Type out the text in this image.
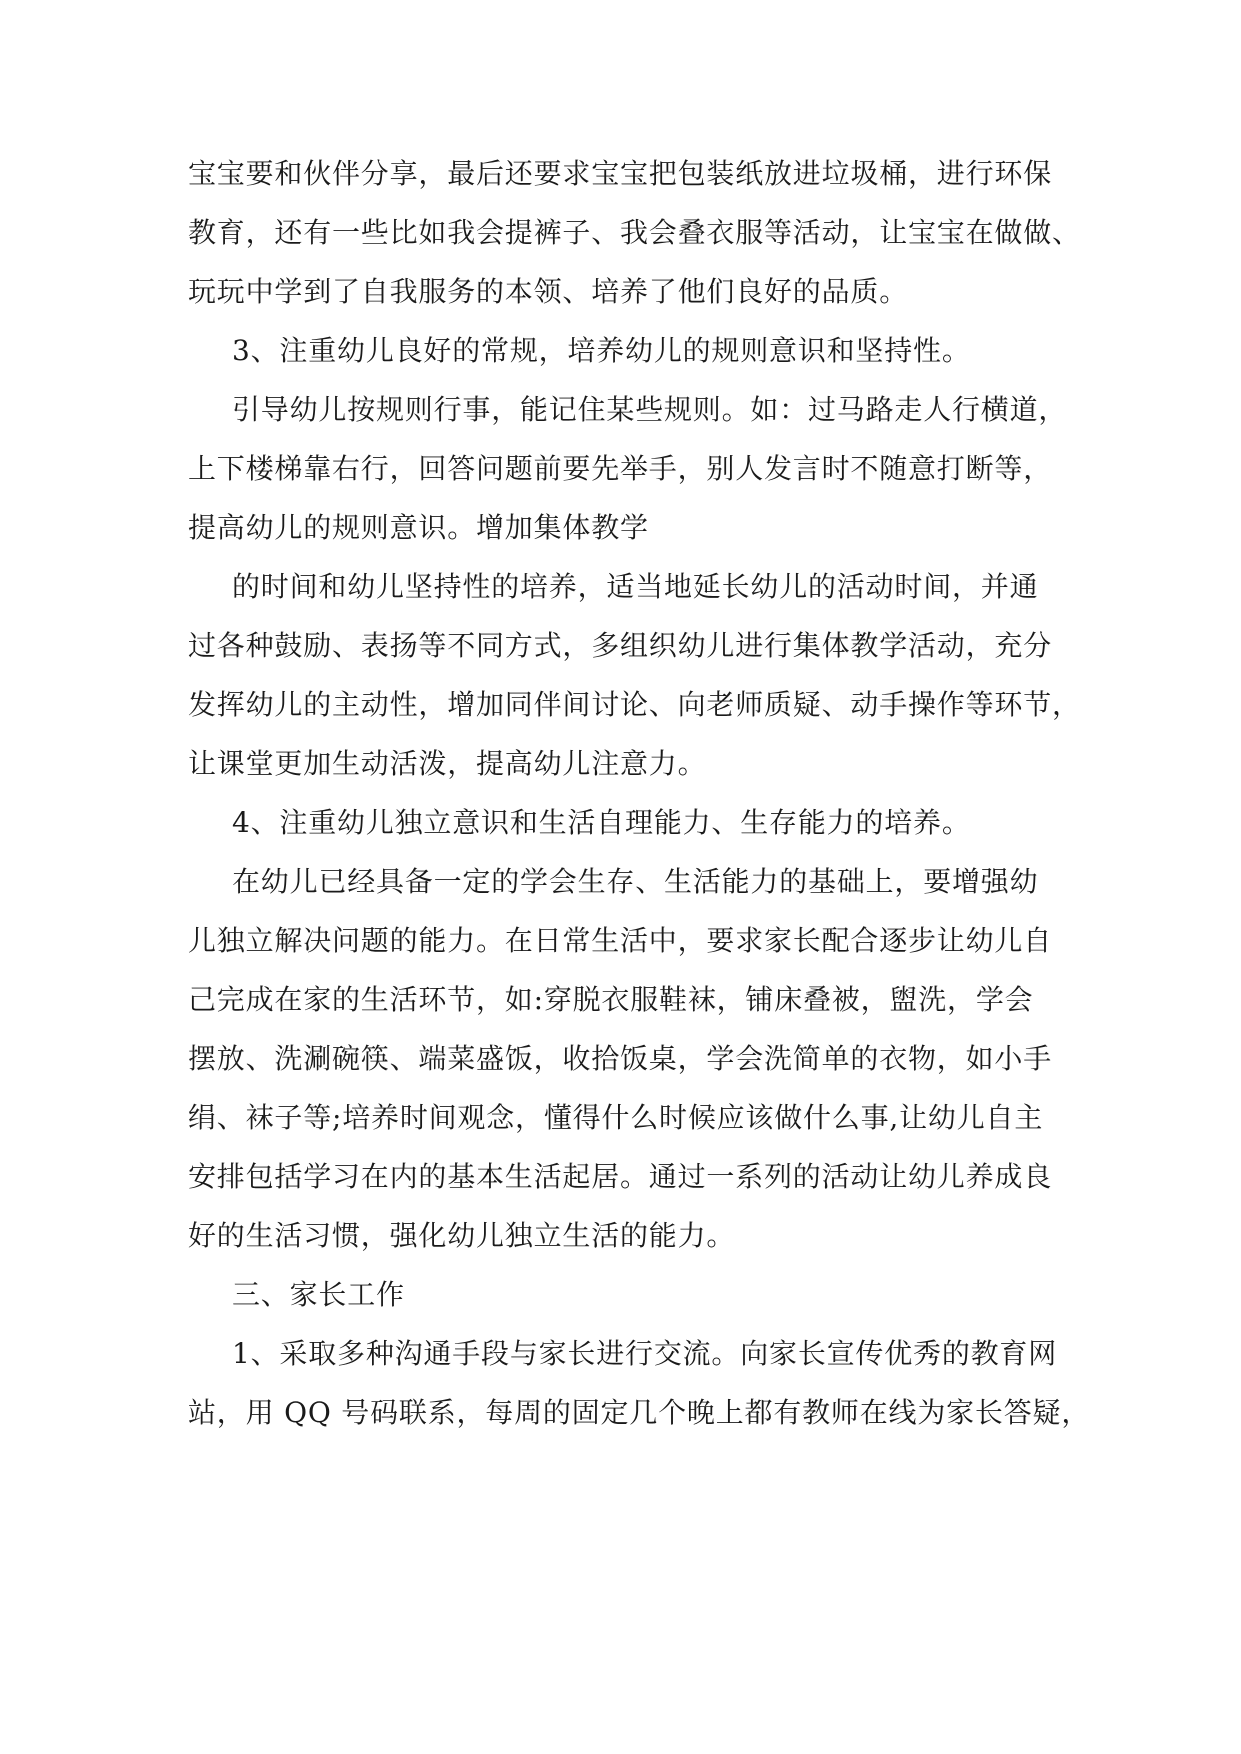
宝宝要和伙伴分享，最后还要求宝宝把包装纸放进垃圾桶，进行环保
教育，还有一些比如我会提裤子、我会叠衣服等活动，让宝宝在做做、
玩玩中学到了自我服务的本领、培养了他们良好的品质。
3、注重幼儿良好的常规，培养幼儿的规则意识和坚持性。
引导幼儿按规则行事，能记住某些规则。如：过马路走人行横道，
上下楼梯靠右行，回答问题前要先举手，别人发言时不随意打断等，
提高幼儿的规则意识。增加集体教学
的时间和幼儿坚持性的培养，适当地延长幼儿的活动时间，并通
过各种鼓励、表扬等不同方式，多组织幼儿进行集体教学活动，充分
发挥幼儿的主动性，增加同伴间讨论、向老师质疑、动手操作等环节，
让课堂更加生动活泼，提高幼儿注意力。
4、注重幼儿独立意识和生活自理能力、生存能力的培养。
在幼儿已经具备一定的学会生存、生活能力的基础上，要增强幼
儿独立解决问题的能力。在日常生活中，要求家长配合逐步让幼儿自
己完成在家的生活环节，如:穿脱衣服鞋袜，铺床叠被，盥洗，学会
摆放、洗涮碗筷、端菜盛饭，收拾饭桌，学会洗简单的衣物，如小手
绢、袜子等;培养时间观念，懂得什么时候应该做什么事,让幼儿自主
安排包括学习在内的基本生活起居。通过一系列的活动让幼儿养成良
好的生活习惯，强化幼儿独立生活的能力。
三、家长工作
1、采取多种沟通手段与家长进行交流。向家长宣传优秀的教育网
站，用 QQ 号码联系，每周的固定几个晚上都有教师在线为家长答疑，
